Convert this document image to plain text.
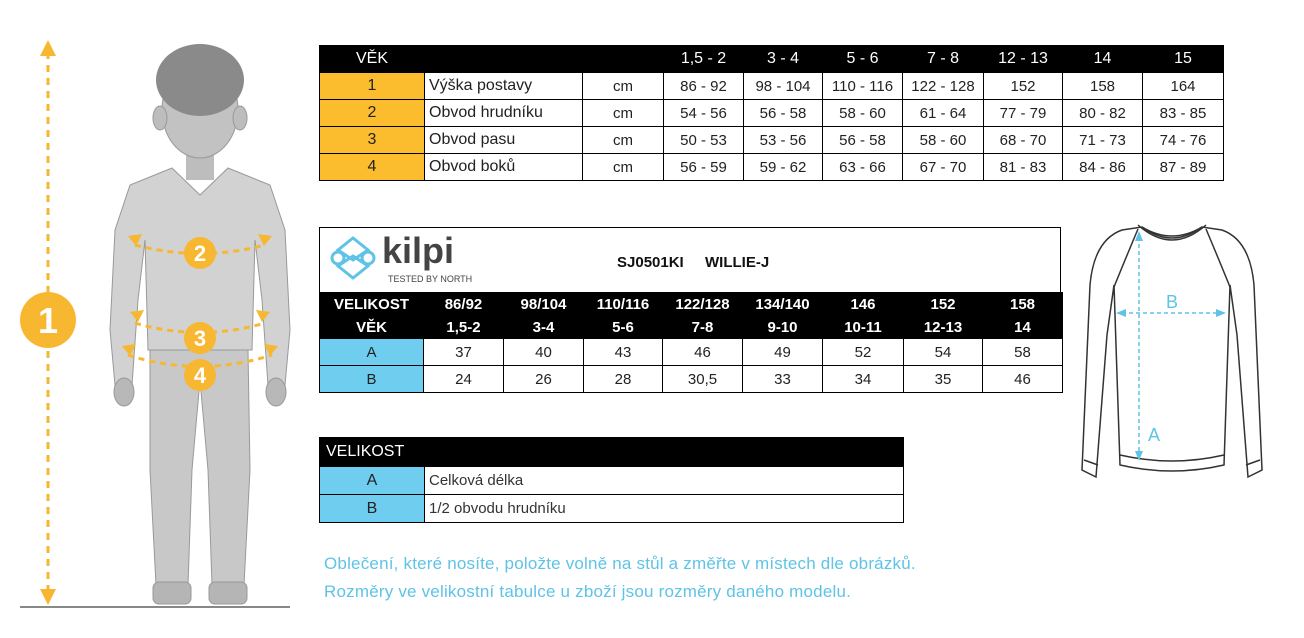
1
2
3
4
VĚK			1,5 - 2	3 - 4	5 - 6	7 - 8	12 - 13	14	15
1	Výška postavy	cm	86 - 92	98 - 104	110 - 116	122 - 128	152	158	164
2	Obvod hrudníku	cm	54 - 56	56 - 58	58 - 60	61 - 64	77 - 79	80 - 82	83 - 85
3	Obvod pasu	cm	50 - 53	53 - 56	56 - 58	58 - 60	68 - 70	71 - 73	74 - 76
4	Obvod boků	cm	56 - 59	59 - 62	63 - 66	67 - 70	81 - 83	84 - 86	87 - 89
kilpi
TESTED BY NORTH
SJ0501KI WILLIE-J
VELIKOST	86/92	98/104	110/116	122/128	134/140	146	152	158
VĚK	1,5-2	3-4	5-6	7-8	9-10	10-11	12-13	14
A	37	40	43	46	49	52	54	58
B	24	26	28	30,5	33	34	35	46
B
A
VELIKOST	
A	Celková délka
B	1/2 obvodu hrudníku
Oblečení, které nosíte, položte volně na stůl a změřte v místech dle obrázků.
Rozměry ve velikostní tabulce u zboží jsou rozměry daného modelu.
